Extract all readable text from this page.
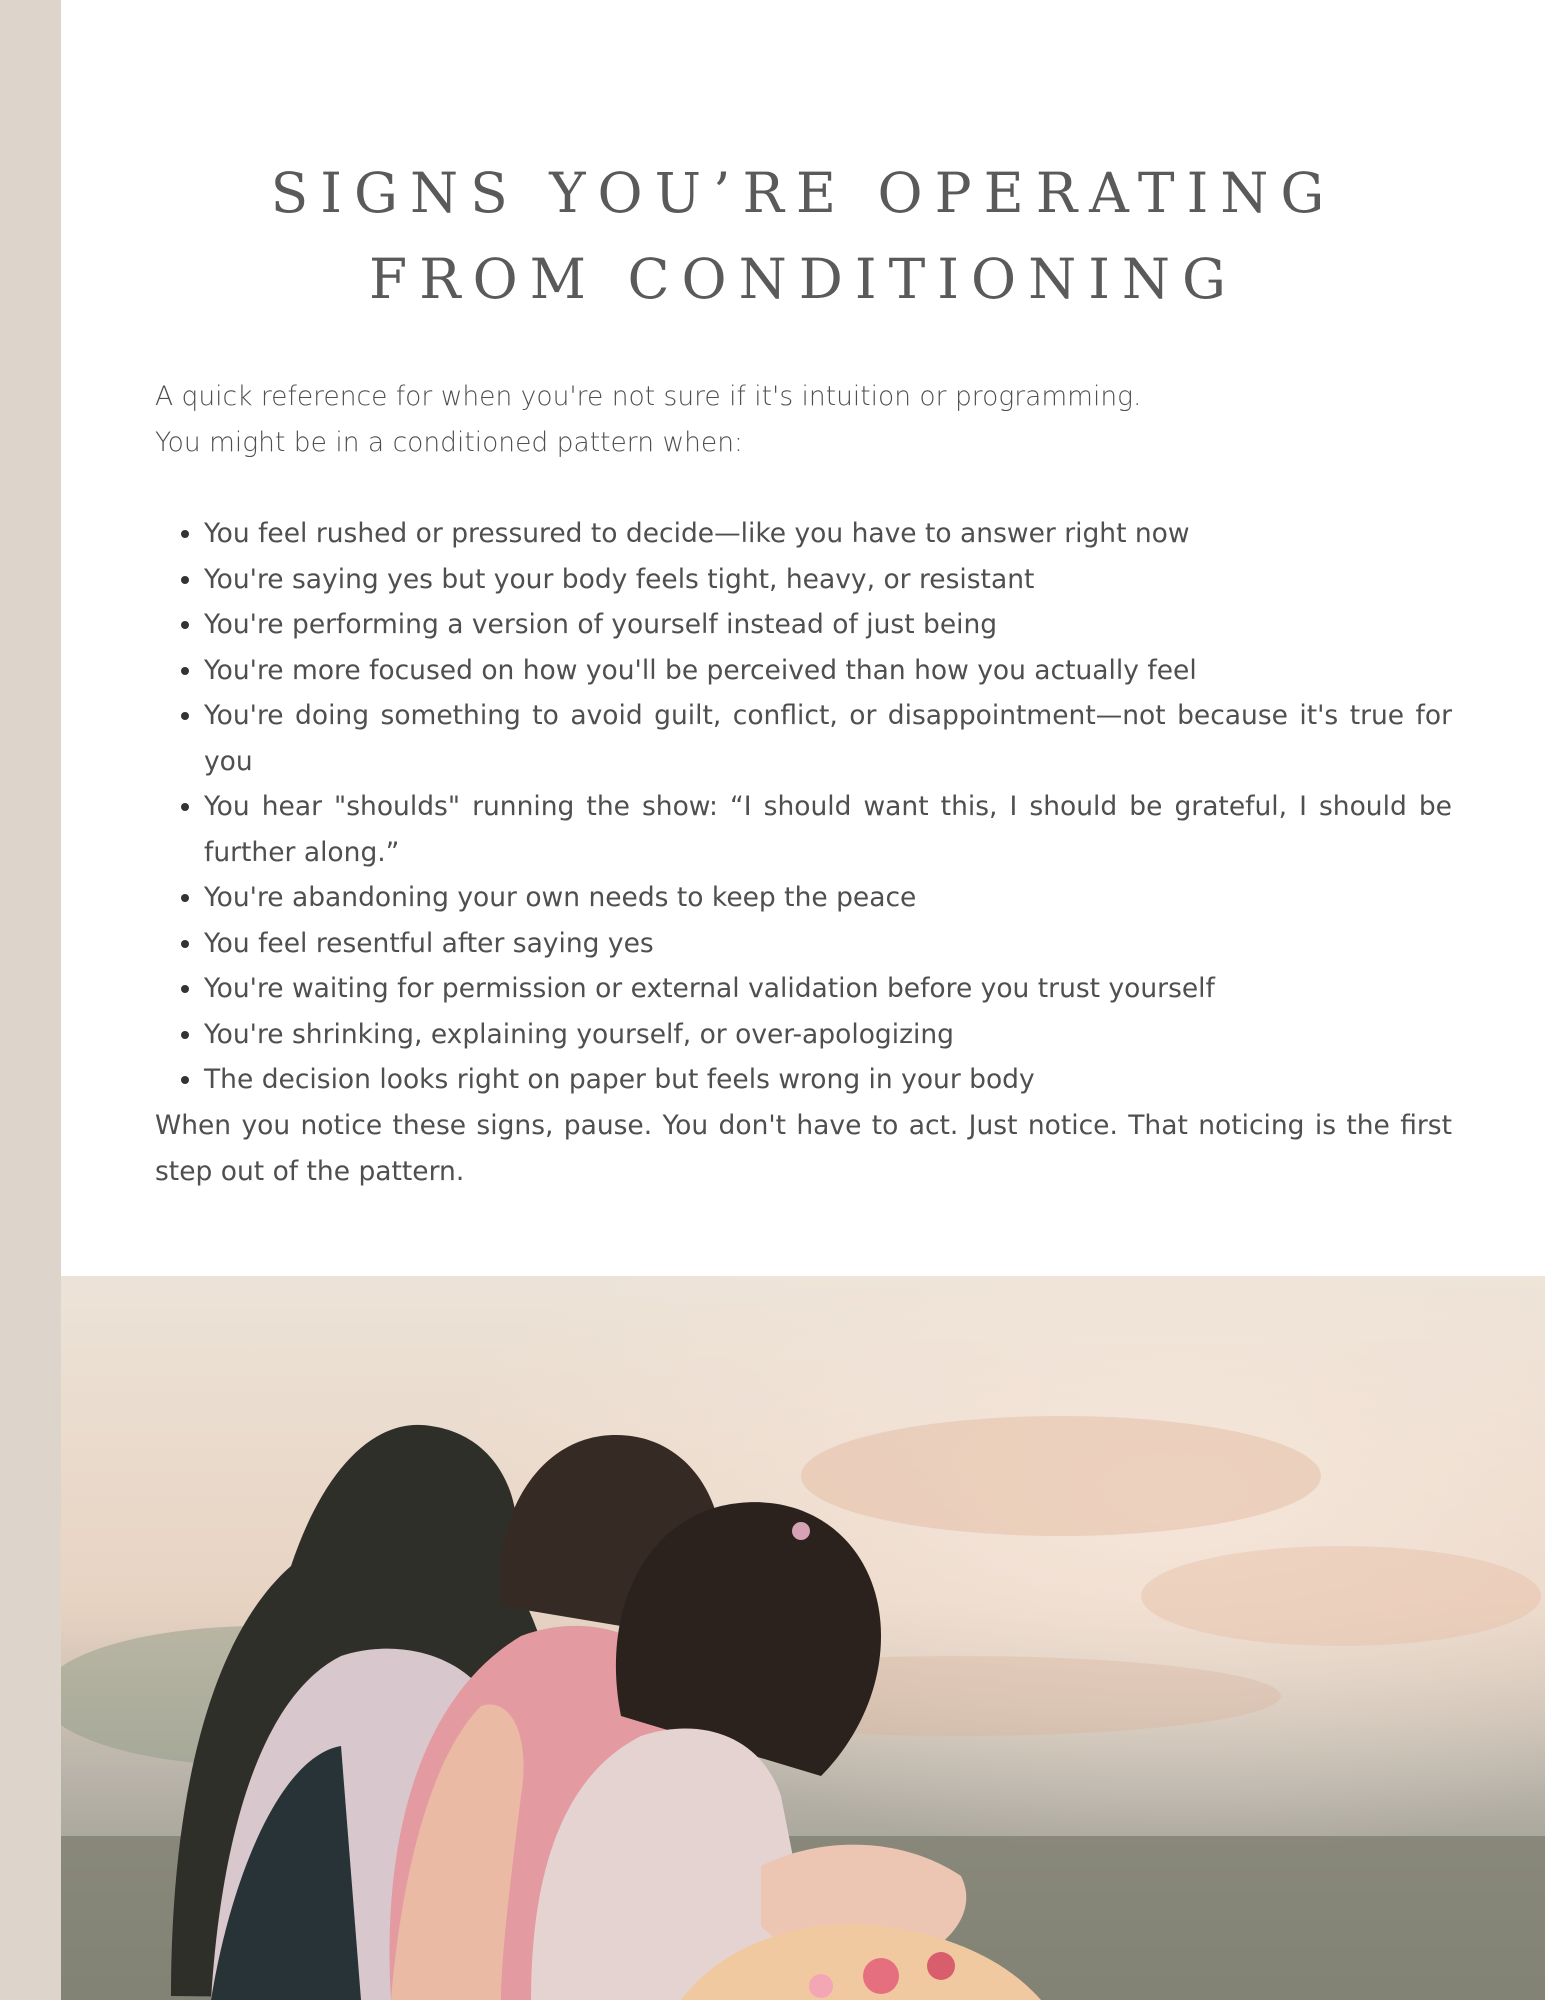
SIGNS YOU’RE OPERATING FROM CONDITIONING

A quick reference for when you're not sure if it's intuition or programming.

You might be in a conditioned pattern when:

• You feel rushed or pressured to decide—like you have to answer right now
• You're saying yes but your body feels tight, heavy, or resistant
• You're performing a version of yourself instead of just being
• You're more focused on how you'll be perceived than how you actually feel
• You're doing something to avoid guilt, conflict, or disappointment—not because it's true for you
• You hear "shoulds" running the show: “I should want this, I should be grateful, I should be further along.”
• You're abandoning your own needs to keep the peace
• You feel resentful after saying yes
• You're waiting for permission or external validation before you trust yourself
• You're shrinking, explaining yourself, or over-apologizing
• The decision looks right on paper but feels wrong in your body

When you notice these signs, pause. You don't have to act. Just notice. That noticing is the first step out of the pattern.
